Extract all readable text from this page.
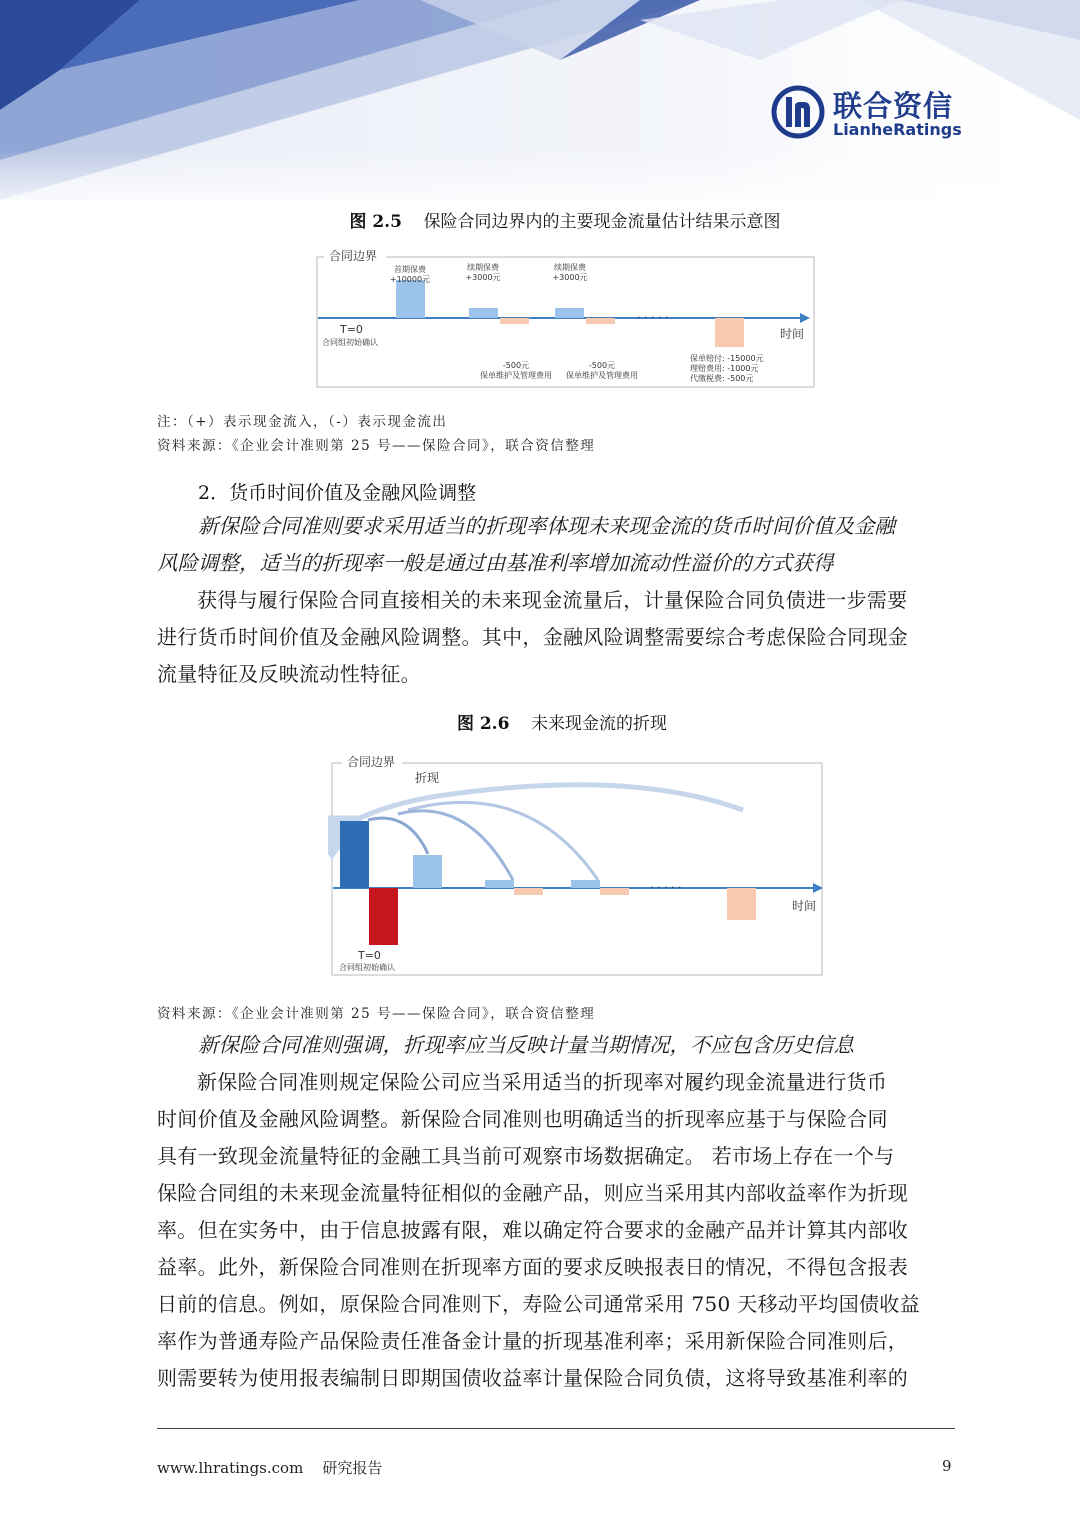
联合资信
LianheRatings
图 2.5 保险合同边界内的主要现金流量估计结果示意图
合同边界
· · · · ·
首期保费
+10000元
续期保费
+3000元
续期保费
+3000元
T=0
合同组初始确认
时间
-500元
保单维护及管理费用
-500元
保单维护及管理费用
保单赔付: -15000元
理赔费用: -1000元
代缴税费: -500元
注：（+）表示现金流入，（-）表示现金流出
资料来源：《企业会计准则第 25 号——保险合同》，联合资信整理
2．货币时间价值及金融风险调整
新保险合同准则要求采用适当的折现率体现未来现金流的货币时间价值及金融
风险调整，适当的折现率一般是通过由基准利率增加流动性溢价的方式获得
获得与履行保险合同直接相关的未来现金流量后，计量保险合同负债进一步需要
进行货币时间价值及金融风险调整。其中，金融风险调整需要综合考虑保险合同现金
流量特征及反映流动性特征。
图 2.6 未来现金流的折现
合同边界
折现
· · · · ·
时间
T=0
合同组初始确认
资料来源：《企业会计准则第 25 号——保险合同》，联合资信整理
新保险合同准则强调，折现率应当反映计量当期情况，不应包含历史信息
新保险合同准则规定保险公司应当采用适当的折现率对履约现金流量进行货币
时间价值及金融风险调整。新保险合同准则也明确适当的折现率应基于与保险合同
具有一致现金流量特征的金融工具当前可观察市场数据确定。 若市场上存在一个与
保险合同组的未来现金流量特征相似的金融产品，则应当采用其内部收益率作为折现
率。但在实务中，由于信息披露有限，难以确定符合要求的金融产品并计算其内部收
益率。此外，新保险合同准则在折现率方面的要求反映报表日的情况，不得包含报表
日前的信息。例如，原保险合同准则下，寿险公司通常采用 750 天移动平均国债收益
率作为普通寿险产品保险责任准备金计量的折现基准利率；采用新保险合同准则后，
则需要转为使用报表编制日即期国债收益率计量保险合同负债，这将导致基准利率的
www.lhratings.com 研究报告	9
